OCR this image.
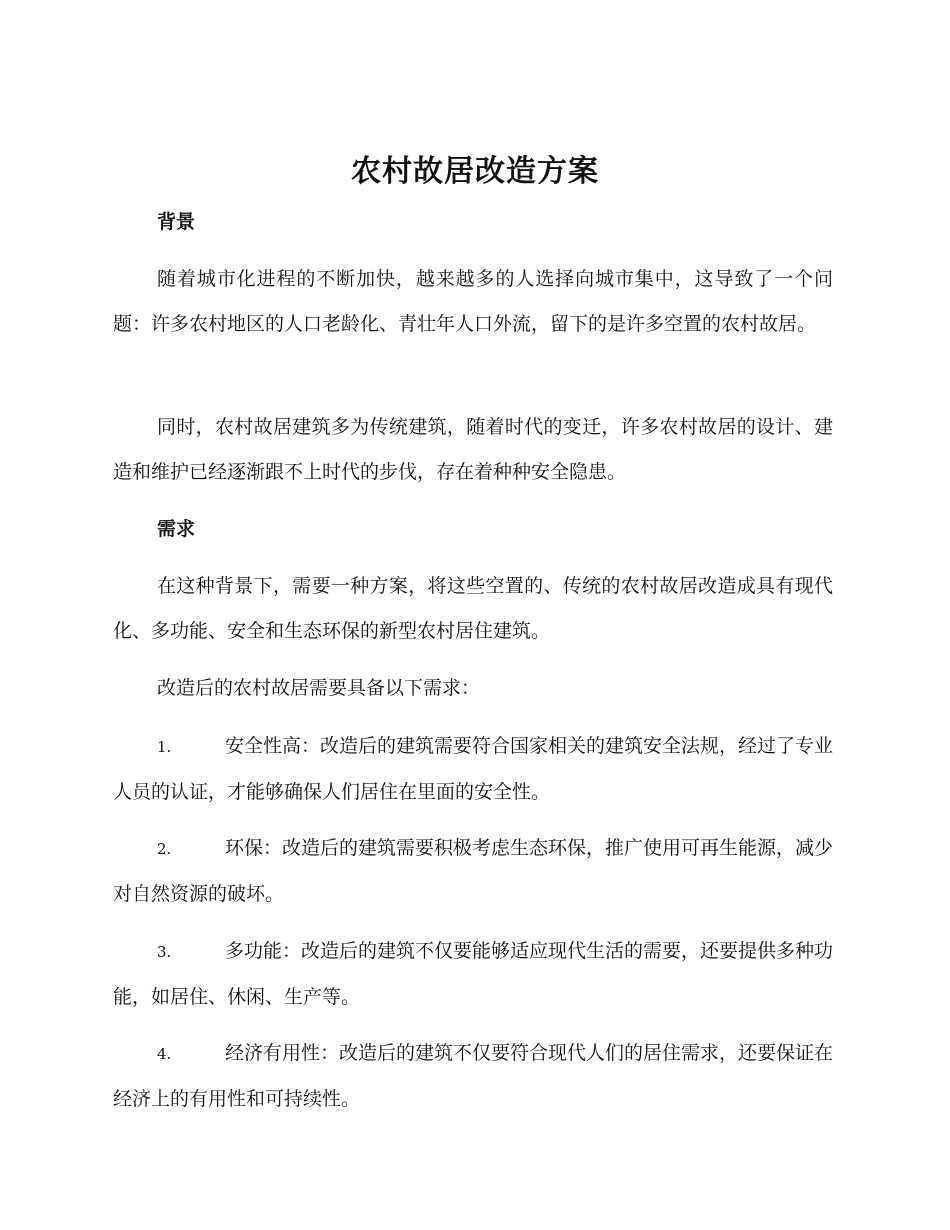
农村故居改造方案
背景
随着城市化进程的不断加快，越来越多的人选择向城市集中，这导致了一个问题：许多农村地区的人口老龄化、青壮年人口外流，留下的是许多空置的农村故居。
同时，农村故居建筑多为传统建筑，随着时代的变迁，许多农村故居的设计、建造和维护已经逐渐跟不上时代的步伐，存在着种种安全隐患。
需求
在这种背景下，需要一种方案，将这些空置的、传统的农村故居改造成具有现代化、多功能、安全和生态环保的新型农村居住建筑。
改造后的农村故居需要具备以下需求：
1.	安全性高：改造后的建筑需要符合国家相关的建筑安全法规，经过了专业人员的认证，才能够确保人们居住在里面的安全性。
2.	环保：改造后的建筑需要积极考虑生态环保，推广使用可再生能源，减少对自然资源的破坏。
3.	多功能：改造后的建筑不仅要能够适应现代生活的需要，还要提供多种功能，如居住、休闲、生产等。
4.	经济有用性：改造后的建筑不仅要符合现代人们的居住需求，还要保证在经济上的有用性和可持续性。
